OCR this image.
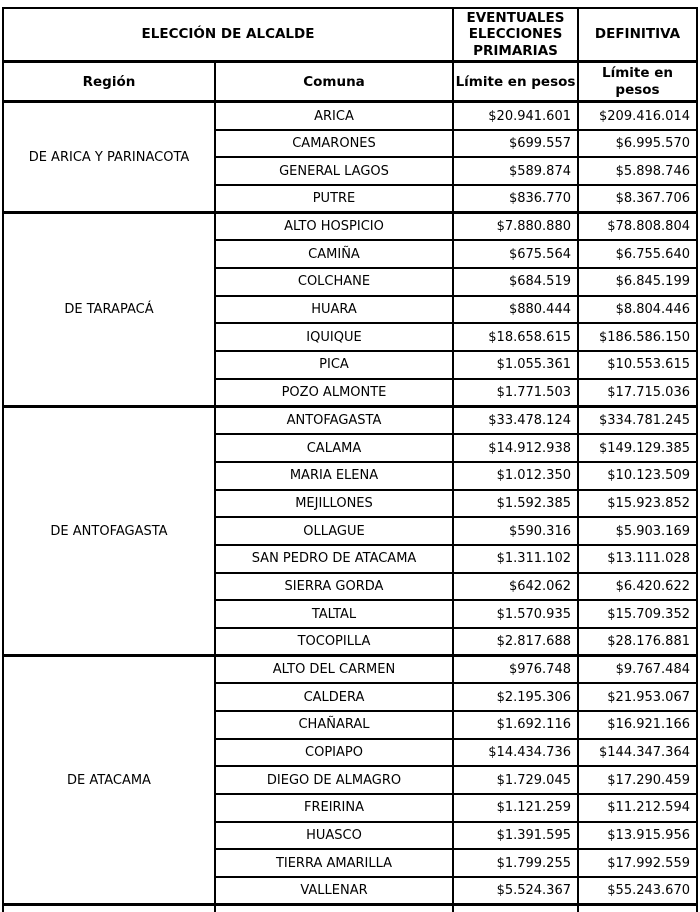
ELECCIÓN DE ALCALDE		EVENTUALES ELECCIONES PRIMARIAS	DEFINITIVA
Región	Comuna	Límite en pesos	Límite en pesos
DE ARICA Y PARINACOTA	ARICA	$20.941.601	$209.416.014
	CAMARONES	$699.557	$6.995.570
	GENERAL LAGOS	$589.874	$5.898.746
	PUTRE	$836.770	$8.367.706
DE TARAPACÁ	ALTO HOSPICIO	$7.880.880	$78.808.804
	CAMIÑA	$675.564	$6.755.640
	COLCHANE	$684.519	$6.845.199
	HUARA	$880.444	$8.804.446
	IQUIQUE	$18.658.615	$186.586.150
	PICA	$1.055.361	$10.553.615
	POZO ALMONTE	$1.771.503	$17.715.036
DE ANTOFAGASTA	ANTOFAGASTA	$33.478.124	$334.781.245
	CALAMA	$14.912.938	$149.129.385
	MARIA ELENA	$1.012.350	$10.123.509
	MEJILLONES	$1.592.385	$15.923.852
	OLLAGUE	$590.316	$5.903.169
	SAN PEDRO DE ATACAMA	$1.311.102	$13.111.028
	SIERRA GORDA	$642.062	$6.420.622
	TALTAL	$1.570.935	$15.709.352
	TOCOPILLA	$2.817.688	$28.176.881
DE ATACAMA	ALTO DEL CARMEN	$976.748	$9.767.484
	CALDERA	$2.195.306	$21.953.067
	CHAÑARAL	$1.692.116	$16.921.166
	COPIAPO	$14.434.736	$144.347.364
	DIEGO DE ALMAGRO	$1.729.045	$17.290.459
	FREIRINA	$1.121.259	$11.212.594
	HUASCO	$1.391.595	$13.915.956
	TIERRA AMARILLA	$1.799.255	$17.992.559
	VALLENAR	$5.524.367	$55.243.670
